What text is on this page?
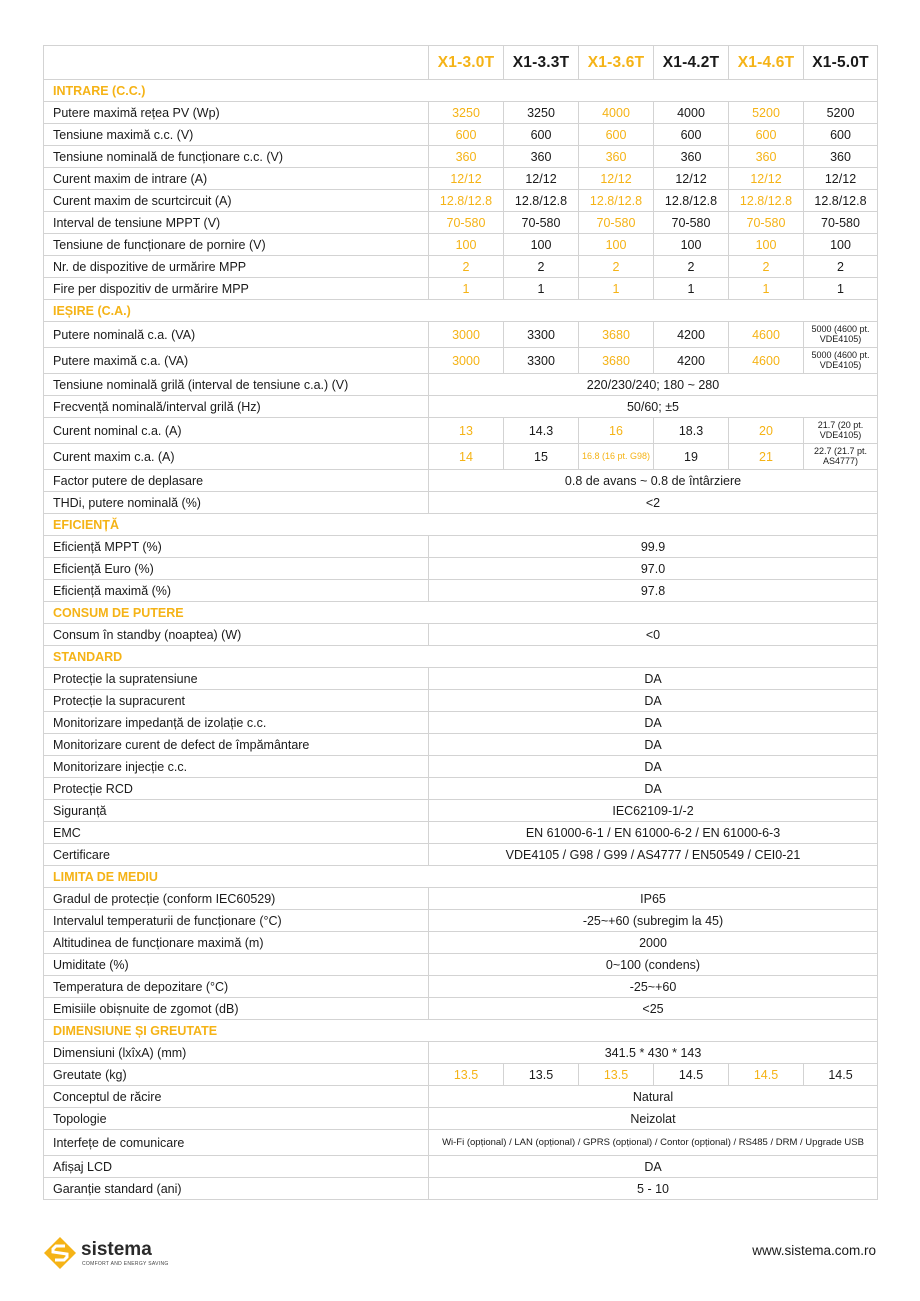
	X1-3.0T	X1-3.3T	X1-3.6T	X1-4.2T	X1-4.6T	X1-5.0T
INTRARE (C.C.)						
Putere maximă rețea PV (Wp)	3250	3250	4000	4000	5200	5200
Tensiune maximă c.c. (V)	600	600	600	600	600	600
Tensiune nominală de funcționare c.c. (V)	360	360	360	360	360	360
Curent maxim de intrare (A)	12/12	12/12	12/12	12/12	12/12	12/12
Curent maxim de scurtcircuit (A)	12.8/12.8	12.8/12.8	12.8/12.8	12.8/12.8	12.8/12.8	12.8/12.8
Interval de tensiune MPPT (V)	70-580	70-580	70-580	70-580	70-580	70-580
Tensiune de funcționare de pornire (V)	100	100	100	100	100	100
Nr. de dispozitive de urmărire MPP	2	2	2	2	2	2
Fire per dispozitiv de urmărire MPP	1	1	1	1	1	1
IEȘIRE (C.A.)						
Putere nominală c.a. (VA)	3000	3300	3680	4200	4600	5000 (4600 pt. VDE4105)
Putere maximă c.a. (VA)	3000	3300	3680	4200	4600	5000 (4600 pt. VDE4105)
Tensiune nominală grilă (interval de tensiune c.a.) (V)	220/230/240; 180 ~ 280					
Frecvență nominală/interval grilă (Hz)	50/60; ±5					
Curent nominal c.a. (A)	13	14.3	16	18.3	20	21.7 (20 pt. VDE4105)
Curent maxim c.a. (A)	14	15	16.8 (16 pt. G98)	19	21	22.7 (21.7 pt. AS4777)
Factor putere de deplasare	0.8 de avans ~ 0.8 de întârziere					
THDi, putere nominală (%)	<2					
EFICIENȚĂ						
Eficiență MPPT (%)	99.9					
Eficiență Euro (%)	97.0					
Eficiență maximă (%)	97.8					
CONSUM DE PUTERE						
Consum în standby (noaptea) (W)	<0					
STANDARD						
Protecție la supratensiune	DA					
Protecție la supracurent	DA					
Monitorizare impedanță de izolație c.c.	DA					
Monitorizare curent de defect de împământare	DA					
Monitorizare injecție c.c.	DA					
Protecție RCD	DA					
Siguranță	IEC62109-1/-2					
EMC	EN 61000-6-1 / EN 61000-6-2 / EN 61000-6-3					
Certificare	VDE4105 / G98 / G99 / AS4777 / EN50549 / CEI0-21					
LIMITA DE MEDIU						
Gradul de protecție (conform IEC60529)	IP65					
Intervalul temperaturii de funcționare (°C)	-25~+60 (subregim la 45)					
Altitudinea de funcționare maximă (m)	2000					
Umiditate (%)	0~100 (condens)					
Temperatura de depozitare (°C)	-25~+60					
Emisiile obișnuite de zgomot (dB)	<25					
DIMENSIUNE ȘI GREUTATE						
Dimensiuni (lxîxA) (mm)	341.5 * 430 * 143					
Greutate (kg)	13.5	13.5	13.5	14.5	14.5	14.5
Conceptul de răcire	Natural					
Topologie	Neizolat					
Interfețe de comunicare	Wi-Fi (opțional) / LAN (opțional) / GPRS (opțional) / Contor (opțional) / RS485 / DRM / Upgrade USB					
Afișaj LCD	DA					
Garanție standard (ani)	5 - 10					
sistema
COMFORT AND ENERGY SAVING
www.sistema.com.ro
